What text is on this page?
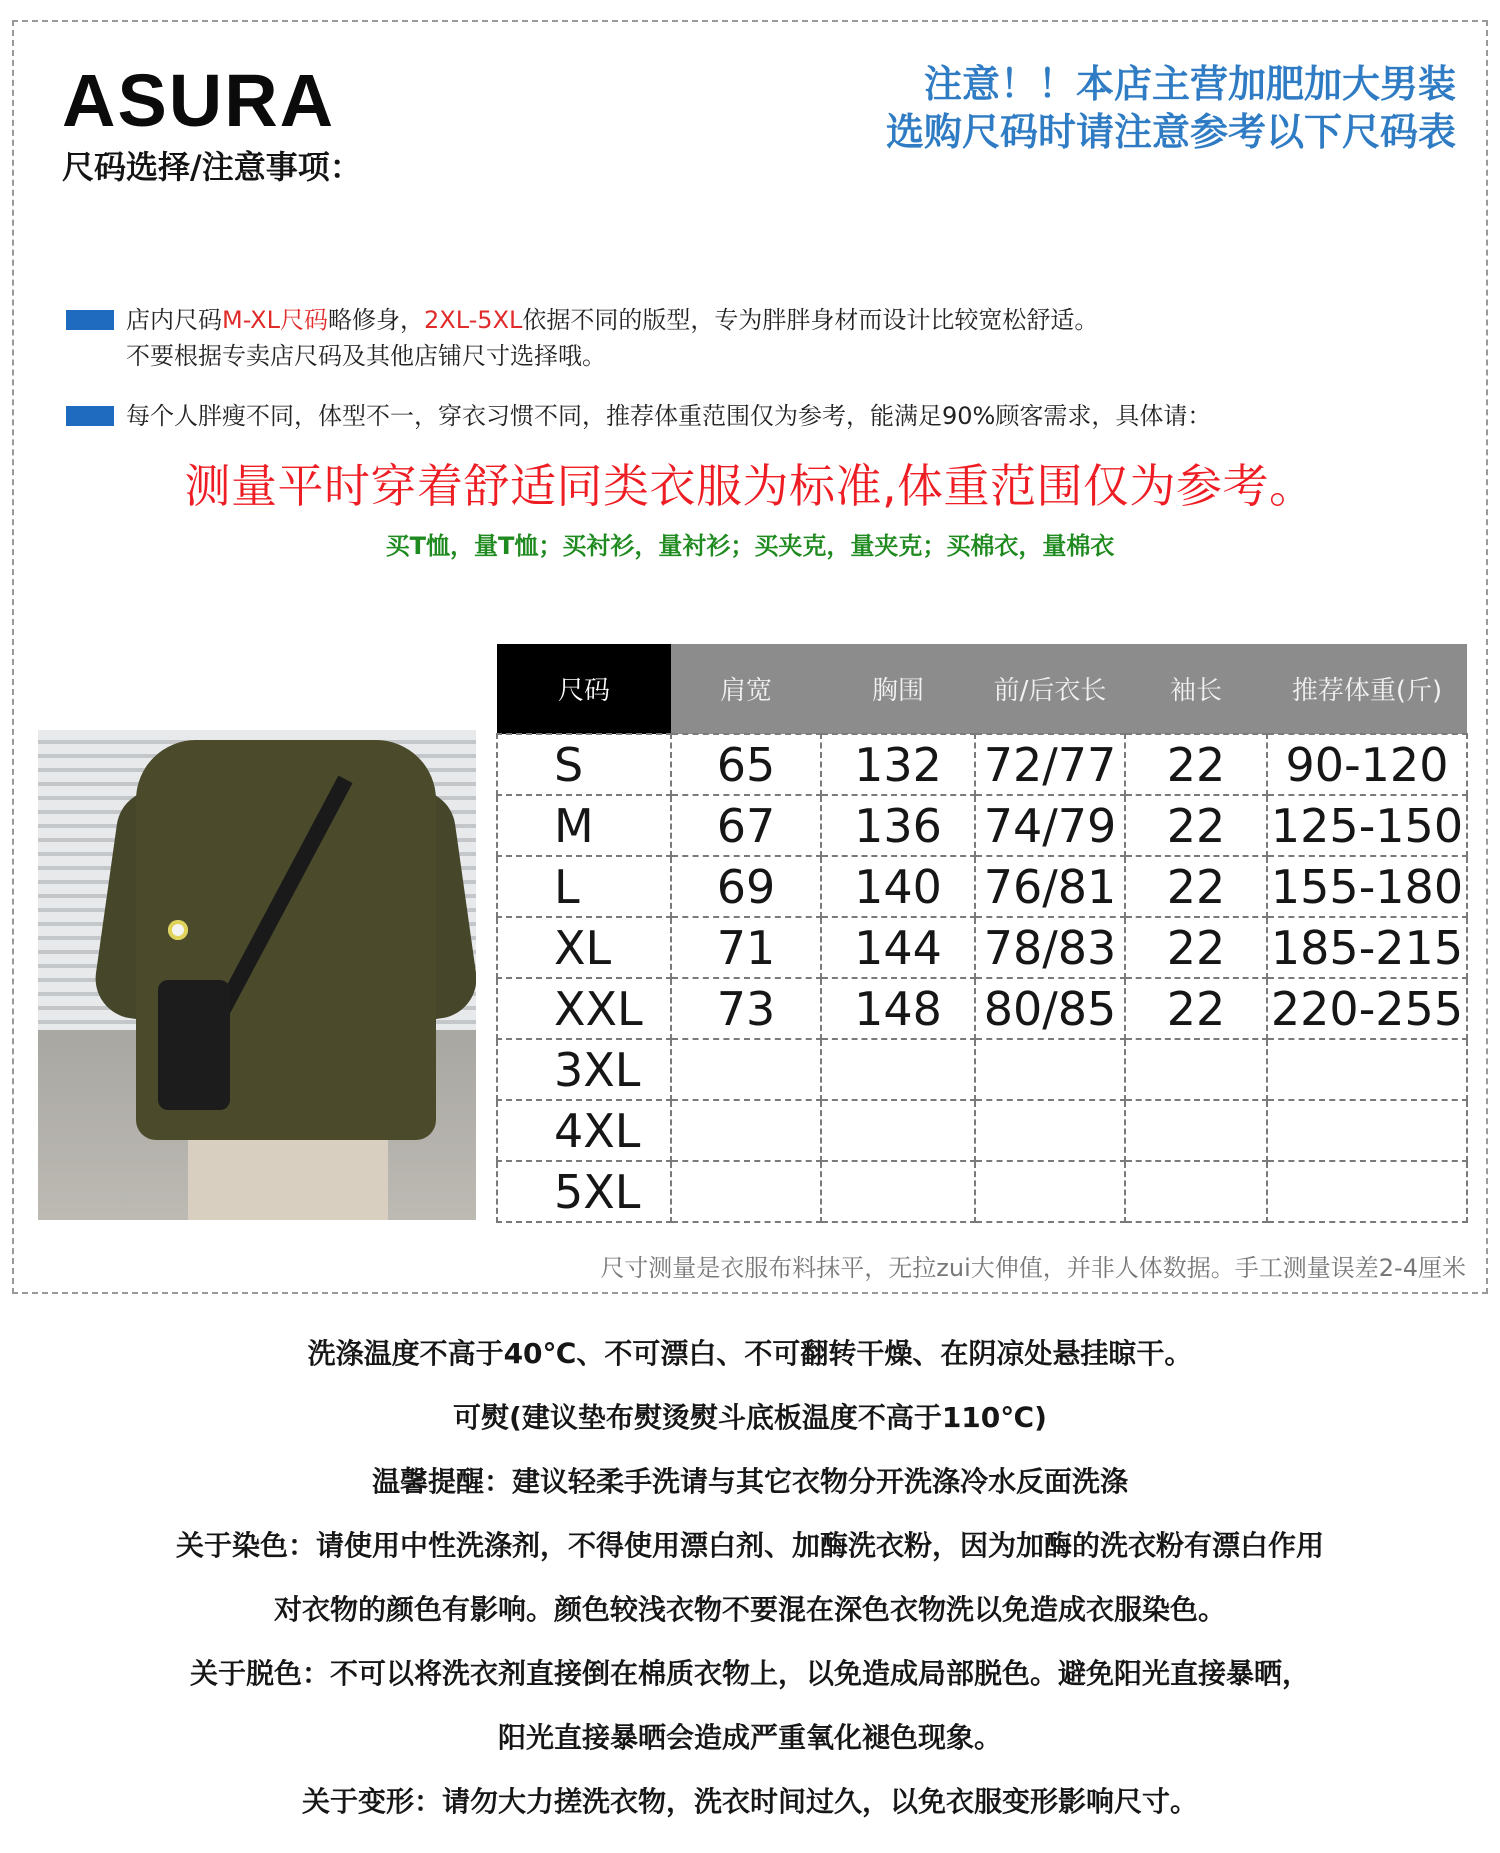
ASURA
尺码选择/注意事项：
注意！！本店主营加肥加大男装
选购尺码时请注意参考以下尺码表
店内尺码M-XL尺码略修身，2XL-5XL依据不同的版型，专为胖胖身材而设计比较宽松舒适。
不要根据专卖店尺码及其他店铺尺寸选择哦。
每个人胖瘦不同，体型不一，穿衣习惯不同，推荐体重范围仅为参考，能满足90%顾客需求，具体请：
测量平时穿着舒适同类衣服为标准,体重范围仅为参考。
买T恤，量T恤；买衬衫，量衬衫；买夹克，量夹克；买棉衣，量棉衣
尺码	肩宽	胸围	前/后衣长	袖长	推荐体重(斤)
S	65	132	72/77	22	90-120
M	67	136	74/79	22	125-150
L	69	140	76/81	22	155-180
XL	71	144	78/83	22	185-215
XXL	73	148	80/85	22	220-255
3XL					
4XL					
5XL					
尺寸测量是衣服布料抹平，无拉zui大伸值，并非人体数据。手工测量误差2-4厘米
洗涤温度不高于40℃、不可漂白、不可翻转干燥、在阴凉处悬挂晾干。
可熨(建议垫布熨烫熨斗底板温度不高于110℃)
温馨提醒：建议轻柔手洗请与其它衣物分开洗涤冷水反面洗涤
关于染色：请使用中性洗涤剂，不得使用漂白剂、加酶洗衣粉，因为加酶的洗衣粉有漂白作用
对衣物的颜色有影响。颜色较浅衣物不要混在深色衣物洗以免造成衣服染色。
关于脱色：不可以将洗衣剂直接倒在棉质衣物上，以免造成局部脱色。避免阳光直接暴晒，
阳光直接暴晒会造成严重氧化褪色现象。
关于变形：请勿大力搓洗衣物，洗衣时间过久，以免衣服变形影响尺寸。
